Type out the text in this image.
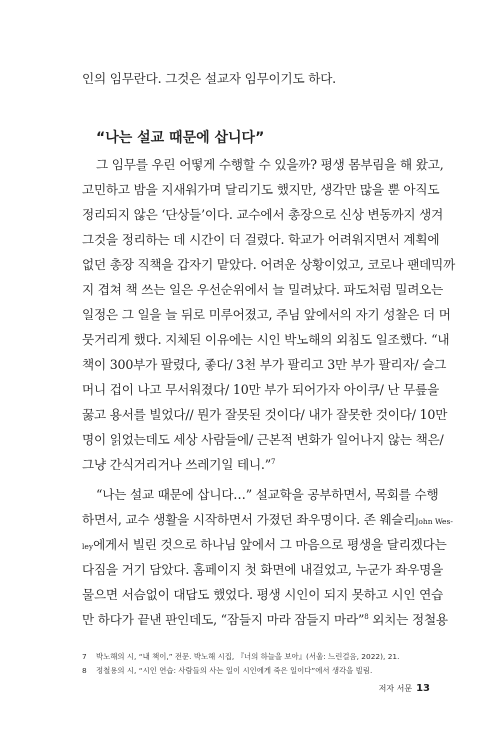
인의 임무란다. 그것은 설교자 임무이기도 하다.
“나는 설교 때문에 삽니다”
그 임무를 우린 어떻게 수행할 수 있을까? 평생 몸부림을 해 왔고,
고민하고 밤을 지새워가며 달리기도 했지만, 생각만 많을 뿐 아직도
정리되지 않은 ‘단상들’이다. 교수에서 총장으로 신상 변동까지 생겨
그것을 정리하는 데 시간이 더 걸렸다. 학교가 어려워지면서 계획에
없던 총장 직책을 갑자기 맡았다. 어려운 상황이었고, 코로나 팬데믹까
지 겹쳐 책 쓰는 일은 우선순위에서 늘 밀려났다. 파도처럼 밀려오는
일정은 그 일을 늘 뒤로 미루어졌고, 주님 앞에서의 자기 성찰은 더 머
뭇거리게 했다. 지체된 이유에는 시인 박노해의 외침도 일조했다. “내
책이 300부가 팔렸다, 좋다/ 3천 부가 팔리고 3만 부가 팔리자/ 슬그
머니 겁이 나고 무서워졌다/ 10만 부가 되어가자 아이쿠/ 난 무릎을
꿇고 용서를 빌었다// 뭔가 잘못된 것이다/ 내가 잘못한 것이다/ 10만
명이 읽었는데도 세상 사람들에/ 근본적 변화가 일어나지 않는 책은/
그냥 간식거리거나 쓰레기일 테니.”$^7$
“나는 설교 때문에 삽니다…” 설교학을 공부하면서, 목회를 수행
하면서, 교수 생활을 시작하면서 가졌던 좌우명이다. 존 웨슬리John Wes-
ley에게서 빌린 것으로 하나님 앞에서 그 마음으로 평생을 달리겠다는
다짐을 거기 담았다. 홈페이지 첫 화면에 내걸었고, 누군가 좌우명을
물으면 서슴없이 대답도 했었다. 평생 시인이 되지 못하고 시인 연습
만 하다가 끝낸 판인데도, “잠들지 마라 잠들지 마라”$^8$ 외치는 정철용
7 박노해의 시, “내 책이,” 전문. 박노해 시집, 『너의 하늘을 보아』(서울: 느린걸음, 2022), 21.
8 정철용의 시, “시인 연습: 사람들의 사는 일이 시인에게 죽은 일이다”에서 생각을 빌림.
저자 서문 13
